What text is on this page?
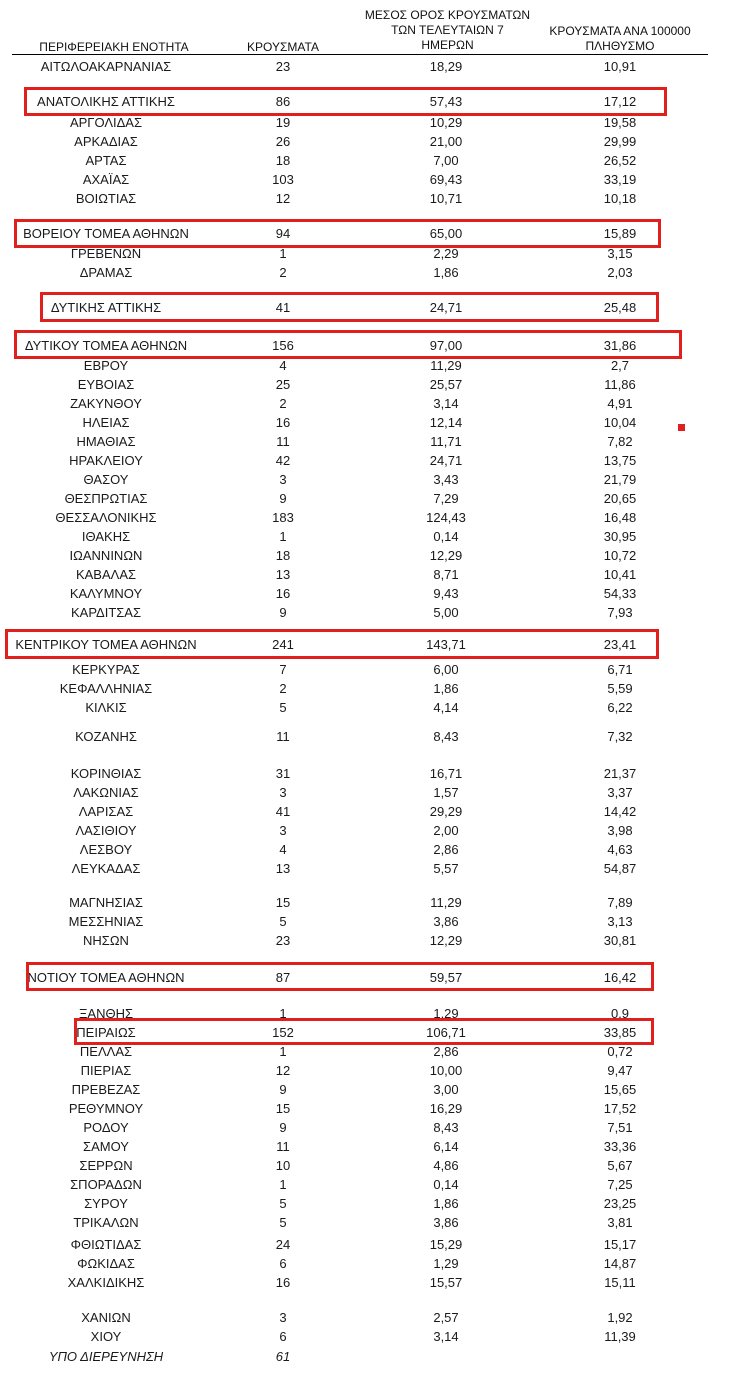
ΠΕΡΙΦΕΡΕΙΑΚΗ ΕΝΟΤΗΤΑ	ΚΡΟΥΣΜΑΤΑ
ΜΕΣΟΣ ΟΡΟΣ ΚΡΟΥΣΜΑΤΩΝ
ΤΩΝ ΤΕΛΕΥΤΑΙΩΝ 7
ΗΜΕΡΩΝ
ΚΡΟΥΣΜΑΤΑ ΑΝΑ 100000
ΠΛΗΘΥΣΜΟ
ΑΙΤΩΛΟΑΚΑΡΝΑΝΙΑΣ	23	18,29	10,91
ΑΝΑΤΟΛΙΚΗΣ ΑΤΤΙΚΗΣ	86	57,43	17,12
ΑΡΓΟΛΙΔΑΣ	19	10,29	19,58
ΑΡΚΑΔΙΑΣ	26	21,00	29,99
ΑΡΤΑΣ	18	7,00	26,52
ΑΧΑΪΑΣ	103	69,43	33,19
ΒΟΙΩΤΙΑΣ	12	10,71	10,18
ΒΟΡΕΙΟΥ ΤΟΜΕΑ ΑΘΗΝΩΝ	94	65,00	15,89
ΓΡΕΒΕΝΩΝ	1	2,29	3,15
ΔΡΑΜΑΣ	2	1,86	2,03
ΔΥΤΙΚΗΣ ΑΤΤΙΚΗΣ	41	24,71	25,48
ΔΥΤΙΚΟΥ ΤΟΜΕΑ ΑΘΗΝΩΝ	156	97,00	31,86
ΕΒΡΟΥ	4	11,29	2,7
ΕΥΒΟΙΑΣ	25	25,57	11,86
ΖΑΚΥΝΘΟΥ	2	3,14	4,91
ΗΛΕΙΑΣ	16	12,14	10,04
ΗΜΑΘΙΑΣ	11	11,71	7,82
ΗΡΑΚΛΕΙΟΥ	42	24,71	13,75
ΘΑΣΟΥ	3	3,43	21,79
ΘΕΣΠΡΩΤΙΑΣ	9	7,29	20,65
ΘΕΣΣΑΛΟΝΙΚΗΣ	183	124,43	16,48
ΙΘΑΚΗΣ	1	0,14	30,95
ΙΩΑΝΝΙΝΩΝ	18	12,29	10,72
ΚΑΒΑΛΑΣ	13	8,71	10,41
ΚΑΛΥΜΝΟΥ	16	9,43	54,33
ΚΑΡΔΙΤΣΑΣ	9	5,00	7,93
ΚΕΝΤΡΙΚΟΥ ΤΟΜΕΑ ΑΘΗΝΩΝ	241	143,71	23,41
ΚΕΡΚΥΡΑΣ	7	6,00	6,71
ΚΕΦΑΛΛΗΝΙΑΣ	2	1,86	5,59
ΚΙΛΚΙΣ	5	4,14	6,22
ΚΟΖΑΝΗΣ	11	8,43	7,32
ΚΟΡΙΝΘΙΑΣ	31	16,71	21,37
ΛΑΚΩΝΙΑΣ	3	1,57	3,37
ΛΑΡΙΣΑΣ	41	29,29	14,42
ΛΑΣΙΘΙΟΥ	3	2,00	3,98
ΛΕΣΒΟΥ	4	2,86	4,63
ΛΕΥΚΑΔΑΣ	13	5,57	54,87
ΜΑΓΝΗΣΙΑΣ	15	11,29	7,89
ΜΕΣΣΗΝΙΑΣ	5	3,86	3,13
ΝΗΣΩΝ	23	12,29	30,81
ΝΟΤΙΟΥ ΤΟΜΕΑ ΑΘΗΝΩΝ	87	59,57	16,42
ΞΑΝΘΗΣ	1	1,29	0,9
ΠΕΙΡΑΙΩΣ	152	106,71	33,85
ΠΕΛΛΑΣ	1	2,86	0,72
ΠΙΕΡΙΑΣ	12	10,00	9,47
ΠΡΕΒΕΖΑΣ	9	3,00	15,65
ΡΕΘΥΜΝΟΥ	15	16,29	17,52
ΡΟΔΟΥ	9	8,43	7,51
ΣΑΜΟΥ	11	6,14	33,36
ΣΕΡΡΩΝ	10	4,86	5,67
ΣΠΟΡΑΔΩΝ	1	0,14	7,25
ΣΥΡΟΥ	5	1,86	23,25
ΤΡΙΚΑΛΩΝ	5	3,86	3,81
ΦΘΙΩΤΙΔΑΣ	24	15,29	15,17
ΦΩΚΙΔΑΣ	6	1,29	14,87
ΧΑΛΚΙΔΙΚΗΣ	16	15,57	15,11
ΧΑΝΙΩΝ	3	2,57	1,92
ΧΙΟΥ	6	3,14	11,39
ΥΠΟ ΔΙΕΡΕΥΝΗΣΗ	61
